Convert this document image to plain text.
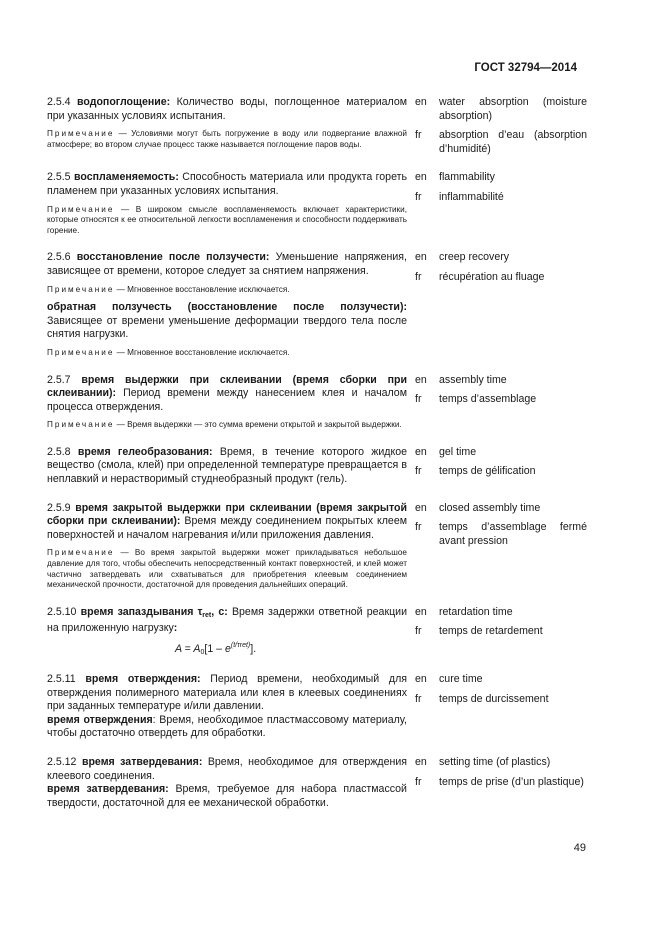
ГОСТ 32794—2014

2.5.4 водопоглощение: Количество воды, поглощенное материалом при указанных условиях испытания.

Примечание — Условиями могут быть погружение в воду или подвергание влажной атмосфере; во втором случае процесс также называется поглощение паров воды.

en	water absorption (moisture absorption)
fr	absorption d’eau (absorption d’humidité)

2.5.5 воспламеняемость: Способность материала или продукта гореть пламенем при указанных условиях испытания.

Примечание — В широком смысле воспламеняемость включает характеристики, которые относятся к ее относительной легкости воспламенения и способности поддерживать горение.

en	flammability
fr	inflammabilité

2.5.6 восстановление после ползучести: Уменьшение напряжения, зависящее от времени, которое следует за снятием напряжения.

Примечание — Мгновенное восстановление исключается.

обратная ползучесть (восстановление после ползучести): Зависящее от времени уменьшение деформации твердого тела после снятия нагрузки.

Примечание — Мгновенное восстановление исключается.

en	creep recovery
fr	récupération au fluage

2.5.7 время выдержки при склеивании (время сборки при склеивании): Период времени между нанесением клея и началом процесса отверждения.

Примечание — Время выдержки — это сумма времени открытой и закрытой выдержки.

en	assembly time
fr	temps d’assemblage

2.5.8 время гелеобразования: Время, в течение которого жидкое вещество (смола, клей) при определенной температуре превращается в неплавкий и нерастворимый студнеобразный продукт (гель).

en	gel time
fr	temps de gélification

2.5.9 время закрытой выдержки при склеивании (время закрытой сборки при склеивании): Время между соединением покрытых клеем поверхностей и началом нагревания и/или приложения давления.

Примечание — Во время закрытой выдержки может прикладываться небольшое давление для того, чтобы обеспечить непосредственный контакт поверхностей, и клей может частично затвердевать или схватываться для приобретения клеевым соединением механической прочности, достаточной для проведения дальнейших операций.

en	closed assembly time
fr	temps d’assemblage fermé avant pression

2.5.10 время запаздывания $\tau_{ret}$, с: Время задержки ответной реакции на приложенную нагрузку:

$A = A_0[1 - e^{(t/\tau ret)}]$.
en	retardation time
fr	temps de retardement

2.5.11 время отверждения: Период времени, необходимый для отверждения полимерного материала или клея в клеевых соединениях при заданных температуре и/или давлении.

время отверждения: Время, необходимое пластмассовому материалу, чтобы достаточно отвердеть для обработки.

en	cure time
fr	temps de durcissement

2.5.12 время затвердевания: Время, необходимое для отверждения клеевого соединения.

время затвердевания: Время, требуемое для набора пластмассой твердости, достаточной для ее механической обработки.

en	setting time (of plastics)
fr	temps de prise (d’un plastique)
49
